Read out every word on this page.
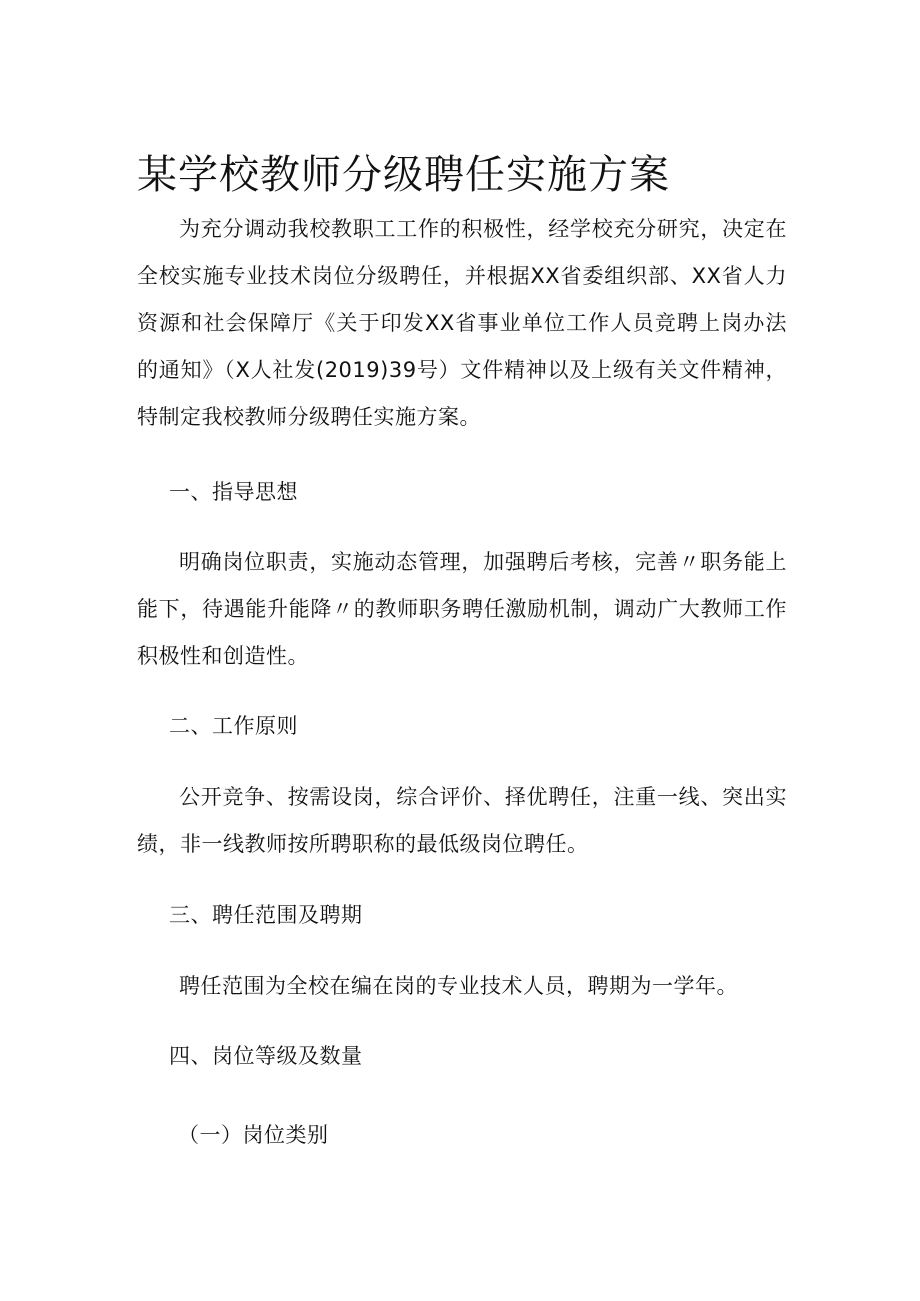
某学校教师分级聘任实施方案

为充分调动我校教职工工作的积极性，经学校充分研究，决定在全校实施专业技术岗位分级聘任，并根据XX省委组织部、XX省人力资源和社会保障厅《关于印发XX省事业单位工作人员竞聘上岗办法的通知》（X人社发(2019)39号）文件精神以及上级有关文件精神，特制定我校教师分级聘任实施方案。

一、指导思想

明确岗位职责，实施动态管理，加强聘后考核，完善〃职务能上能下，待遇能升能降〃的教师职务聘任激励机制，调动广大教师工作积极性和创造性。

二、工作原则

公开竞争、按需设岗，综合评价、择优聘任，注重一线、突出实绩，非一线教师按所聘职称的最低级岗位聘任。

三、聘任范围及聘期

聘任范围为全校在编在岗的专业技术人员，聘期为一学年。

四、岗位等级及数量
（一）岗位类别
